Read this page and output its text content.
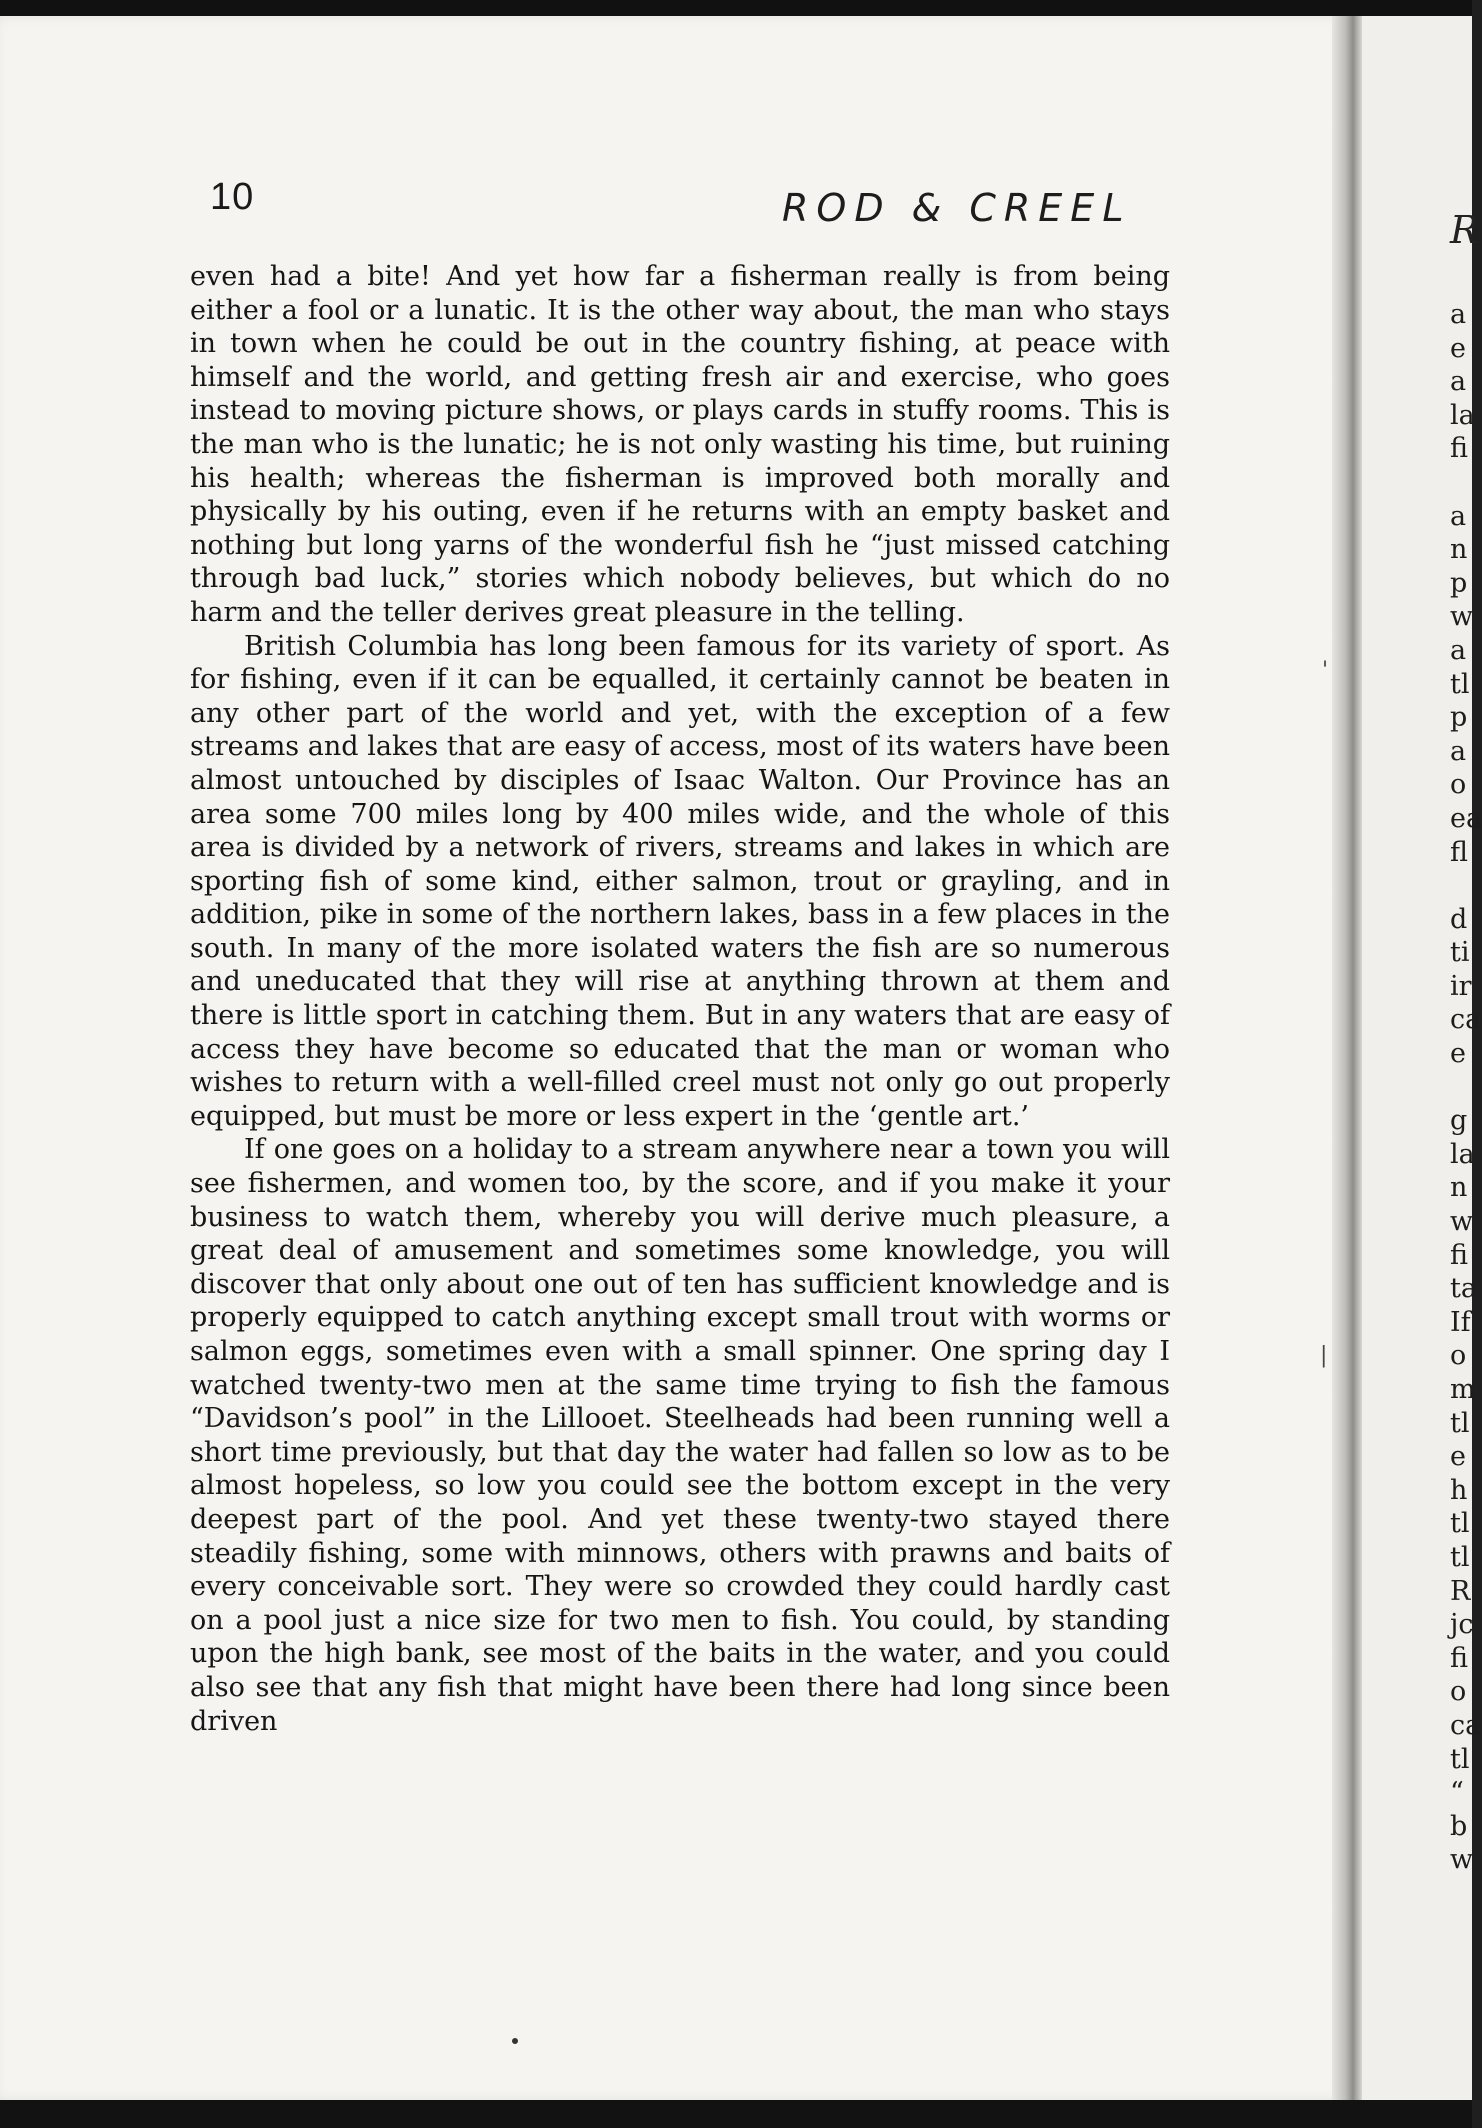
10	ROD & CREEL

even had a bite! And yet how far a fisherman really is from being either a fool or a lunatic. It is the other way about, the man who stays in town when he could be out in the country fishing, at peace with himself and the world, and getting fresh air and exercise, who goes instead to moving picture shows, or plays cards in stuffy rooms. This is the man who is the lunatic; he is not only wasting his time, but ruining his health; whereas the fisherman is improved both morally and physically by his outing, even if he returns with an empty basket and nothing but long yarns of the wonderful fish he “just missed catching through bad luck,” stories which nobody believes, but which do no harm and the teller derives great pleasure in the telling.

British Columbia has long been famous for its variety of sport. As for fishing, even if it can be equalled, it certainly cannot be beaten in any other part of the world and yet, with the exception of a few streams and lakes that are easy of access, most of its waters have been almost untouched by disciples of Isaac Walton. Our Province has an area some 700 miles long by 400 miles wide, and the whole of this area is divided by a network of rivers, streams and lakes in which are sporting fish of some kind, either salmon, trout or grayling, and in addition, pike in some of the northern lakes, bass in a few places in the south. In many of the more isolated waters the fish are so numerous and uneducated that they will rise at anything thrown at them and there is little sport in catching them. But in any waters that are easy of access they have become so educated that the man or woman who wishes to return with a well-filled creel must not only go out properly equipped, but must be more or less expert in the ‘gentle art.’

If one goes on a holiday to a stream anywhere near a town you will see fishermen, and women too, by the score, and if you make it your business to watch them, whereby you will derive much pleasure, a great deal of amusement and sometimes some knowledge, you will discover that only about one out of ten has sufficient knowledge and is properly equipped to catch anything except small trout with worms or salmon eggs, sometimes even with a small spinner. One spring day I watched twenty-two men at the same time trying to fish the famous “Davidson’s pool” in the Lillooet. Steelheads had been running well a short time previously, but that day the water had fallen so low as to be almost hopeless, so low you could see the bottom except in the very deepest part of the pool. And yet these twenty-two stayed there steadily fishing, some with minnows, others with prawns and baits of every conceivable sort. They were so crowded they could hardly cast on a pool just a nice size for two men to fish. You could, by standing upon the high bank, see most of the baits in the water, and you could also see that any fish that might have been there had long since been driven

'
|
R
a
e
a
la
fi
a
n
p
w
a
tl
p
a
o
ea
fl
d
ti
ir
ca
e
g
la
n
w
fi
ta
If
o
m
tl
e
h
tl
tl
R
jc
fi
o
ca
tl
“
b
w
